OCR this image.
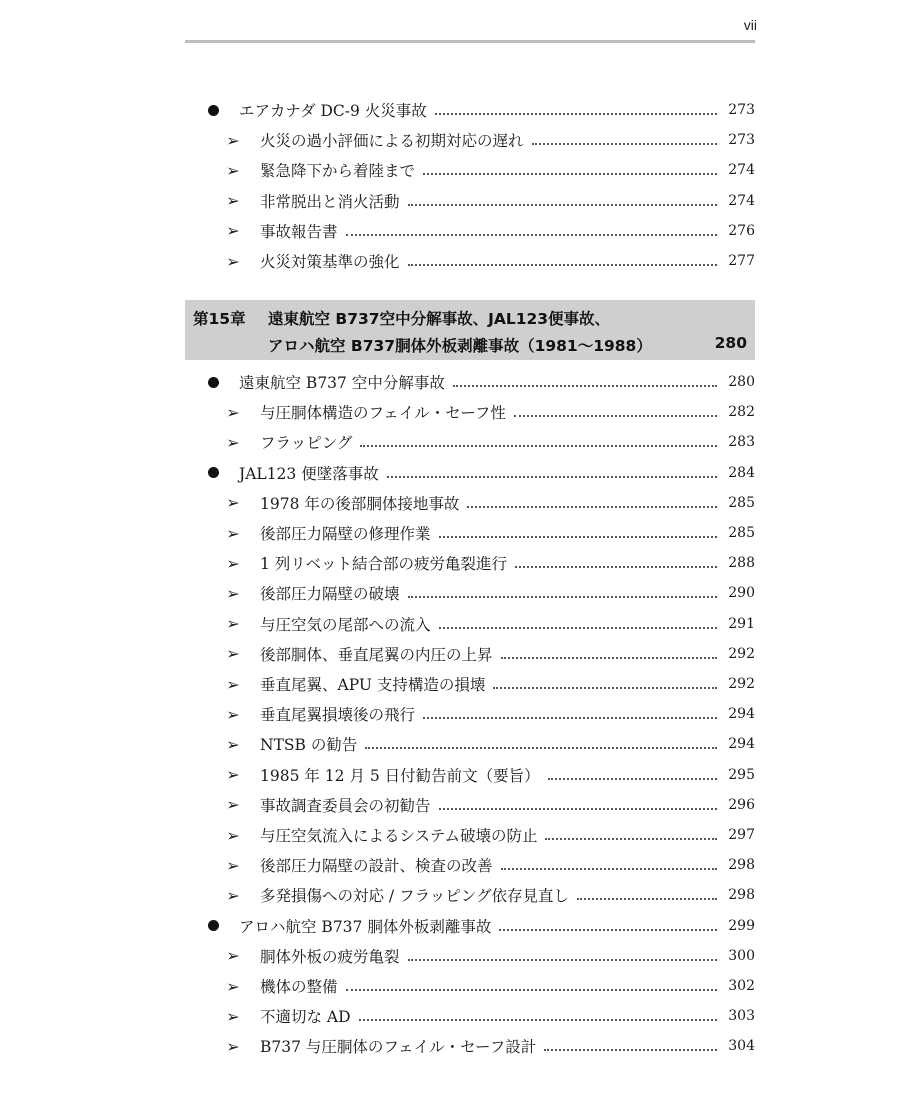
vii
エアカナダ DC-9 火災事故	273
➢ 火災の過小評価による初期対応の遅れ	273
➢ 緊急降下から着陸まで	274
➢ 非常脱出と消火活動	274
➢ 事故報告書	276
➢ 火災対策基準の強化	277
第15章 遠東航空 B737空中分解事故、JAL123便事故、
アロハ航空 B737胴体外板剥離事故（1981〜1988）	280
遠東航空 B737 空中分解事故	280
➢ 与圧胴体構造のフェイル・セーフ性	282
➢ フラッピング	283
JAL123 便墜落事故	284
➢ 1978 年の後部胴体接地事故	285
➢ 後部圧力隔壁の修理作業	285
➢ 1 列リベット結合部の疲労亀裂進行	288
➢ 後部圧力隔壁の破壊	290
➢ 与圧空気の尾部への流入	291
➢ 後部胴体、垂直尾翼の内圧の上昇	292
➢ 垂直尾翼、APU 支持構造の損壊	292
➢ 垂直尾翼損壊後の飛行	294
➢ NTSB の勧告	294
➢ 1985 年 12 月 5 日付勧告前文（要旨）	295
➢ 事故調査委員会の初勧告	296
➢ 与圧空気流入によるシステム破壊の防止	297
➢ 後部圧力隔壁の設計、検査の改善	298
➢ 多発損傷への対応 / フラッピング依存見直し	298
アロハ航空 B737 胴体外板剥離事故	299
➢ 胴体外板の疲労亀裂	300
➢ 機体の整備	302
➢ 不適切な AD	303
➢ B737 与圧胴体のフェイル・セーフ設計	304
